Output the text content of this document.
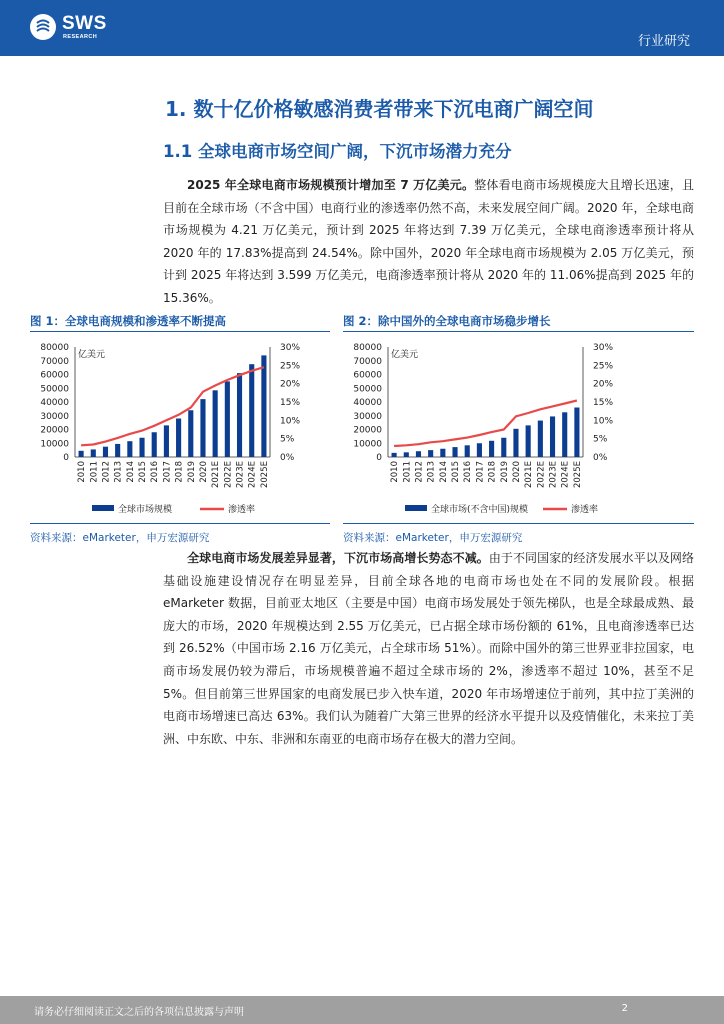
SWS
RESEARCH	行业研究
1. 数十亿价格敏感消费者带来下沉电商广阔空间
1.1 全球电商市场空间广阔，下沉市场潜力充分
2025 年全球电商市场规模预计增加至 7 万亿美元。整体看电商市场规模庞大且增长迅速，且目前在全球市场（不含中国）电商行业的渗透率仍然不高，未来发展空间广阔。2020 年，全球电商市场规模为 4.21 万亿美元，预计到 2025 年将达到 7.39 万亿美元，全球电商渗透率预计将从 2020 年的 17.83%提高到 24.54%。除中国外，2020 年全球电商市场规模为 2.05 万亿美元，预计到 2025 年将达到 3.599 万亿美元，电商渗透率预计将从 2020 年的 11.06%提高到 2025 年的 15.36%。
图 1：全球电商规模和渗透率不断提高
0
10000
20000
30000
40000
50000
60000
70000
80000
0%
5%
10%
15%
20%
25%
30%
亿美元
2010 2011 2012 2013 2014 2015 2016 2017 2018 2019 2020 2021E 2022E 2023E 2024E 2025E
全球市场规模	渗透率
资料来源：eMarketer，申万宏源研究
图 2：除中国外的全球电商市场稳步增长
0
10000
20000
30000
40000
50000
60000
70000
80000
0%
5%
10%
15%
20%
25%
30%
亿美元
2010 2011 2012 2013 2014 2015 2016 2017 2018 2019 2020 2021E 2022E 2023E 2024E 2025E
全球市场(不含中国)规模	渗透率
资料来源：eMarketer，申万宏源研究
全球电商市场发展差异显著，下沉市场高增长势态不减。由于不同国家的经济发展水平以及网络基础设施建设情况存在明显差异，目前全球各地的电商市场也处在不同的发展阶段。根据 eMarketer 数据，目前亚太地区（主要是中国）电商市场发展处于领先梯队，也是全球最成熟、最庞大的市场，2020 年规模达到 2.55 万亿美元，已占据全球市场份额的 61%，且电商渗透率已达到 26.52%（中国市场 2.16 万亿美元，占全球市场 51%）。而除中国外的第三世界亚非拉国家，电商市场发展仍较为滞后，市场规模普遍不超过全球市场的 2%，渗透率不超过 10%，甚至不足 5%。但目前第三世界国家的电商发展已步入快车道，2020 年市场增速位于前列，其中拉丁美洲的电商市场增速已高达 63%。我们认为随着广大第三世界的经济水平提升以及疫情催化，未来拉丁美洲、中东欧、中东、非洲和东南亚的电商市场存在极大的潜力空间。
请务必仔细阅读正文之后的各项信息披露与声明	2
